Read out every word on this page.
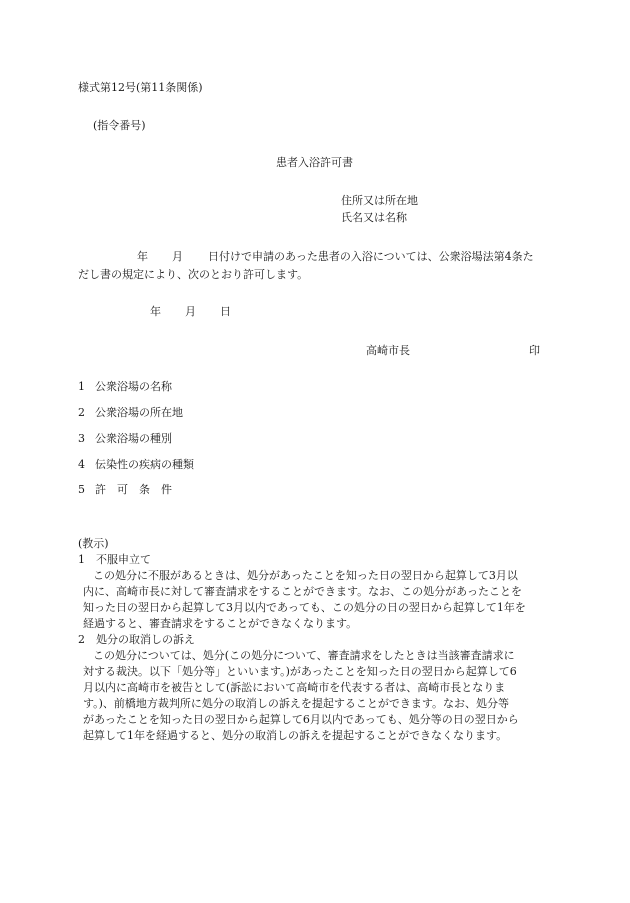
様式第12号(第11条関係)
(指令番号)
患者入浴許可書
住所又は所在地
氏名又は名称
年 月 日付けで申請のあった患者の入浴については、公衆浴場法第4条た
だし書の規定により、次のとおり許可します。
年 月 日
高崎市長	印
1 公衆浴場の名称
2 公衆浴場の所在地
3 公衆浴場の種別
4 伝染性の疾病の種類
5 許　可　条　件
(教示)
1　不服申立て
この処分に不服があるときは、処分があったことを知った日の翌日から起算して3月以
内に、高崎市長に対して審査請求をすることができます。なお、この処分があったことを
知った日の翌日から起算して3月以内であっても、この処分の日の翌日から起算して1年を
経過すると、審査請求をすることができなくなります。
2　処分の取消しの訴え
この処分については、処分(この処分について、審査請求をしたときは当該審査請求に
対する裁決。以下「処分等」といいます。)があったことを知った日の翌日から起算して6
月以内に高崎市を被告として(訴訟において高崎市を代表する者は、高崎市長となりま
す。)、前橋地方裁判所に処分の取消しの訴えを提起することができます。なお、処分等
があったことを知った日の翌日から起算して6月以内であっても、処分等の日の翌日から
起算して1年を経過すると、処分の取消しの訴えを提起することができなくなります。
